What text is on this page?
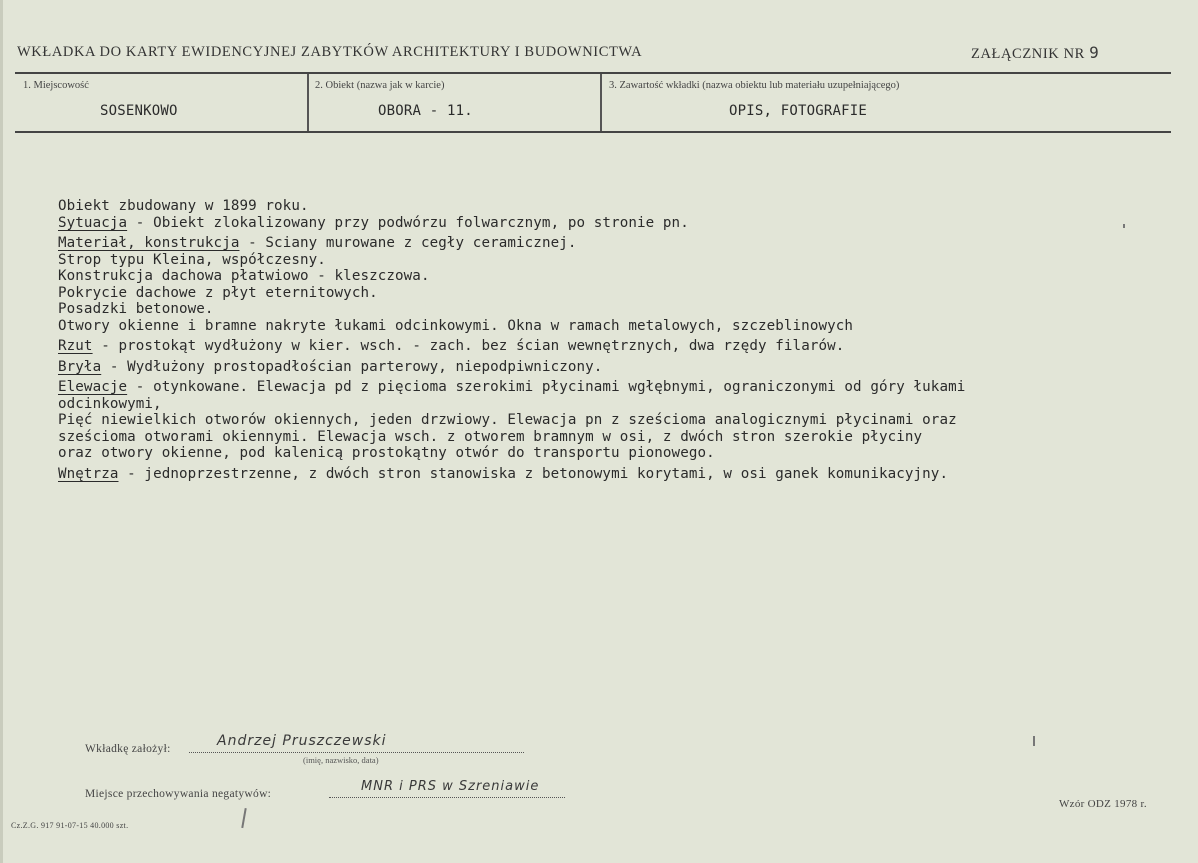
WKŁADKA DO KARTY EWIDENCYJNEJ ZABYTKÓW ARCHITEKTURY I BUDOWNICTWA	ZAŁĄCZNIK NR 9
1. Miejscowość	2. Obiekt (nazwa jak w karcie)	3. Zawartość wkładki (nazwa obiektu lub materiału uzupełniającego)
SOSENKOWO	OBORA - 11.	OPIS, FOTOGRAFIE

Obiekt zbudowany w 1899 roku.

Sytuacja - Obiekt zlokalizowany przy podwórzu folwarcznym, po stronie pn.

Materiał, konstrukcja - Sciany murowane z cegły ceramicznej.

Strop typu Kleina, współczesny.

Konstrukcja dachowa płatwiowo - kleszczowa.

Pokrycie dachowe z płyt eternitowych.

Posadzki betonowe.

Otwory okienne i bramne nakryte łukami odcinkowymi. Okna w ramach metalowych, szczeblinowych

Rzut - prostokąt wydłużony w kier. wsch. - zach. bez ścian wewnętrznych, dwa rzędy filarów.

Bryła - Wydłużony prostopadłościan parterowy, niepodpiwniczony.

Elewacje - otynkowane. Elewacja pd z pięcioma szerokimi płycinami wgłębnymi, ograniczonymi od góry łukami

odcinkowymi,

Pięć niewielkich otworów okiennych, jeden drzwiowy. Elewacja pn z sześcioma analogicznymi płycinami oraz

sześcioma otworami okiennymi. Elewacja wsch. z otworem bramnym w osi, z dwóch stron szerokie płyciny

oraz otwory okienne, pod kalenicą prostokątny otwór do transportu pionowego.

Wnętrza - jednoprzestrzenne, z dwóch stron stanowiska z betonowymi korytami, w osi ganek komunikacyjny.

Wkładkę założył:	Andrzej Pruszczewski
(imię, nazwisko, data)
Miejsce przechowywania negatywów:	MNR i PRS w Szreniawie
Cz.Z.G. 917 91-07-15 40.000 szt.
Wzór ODZ 1978 r.
